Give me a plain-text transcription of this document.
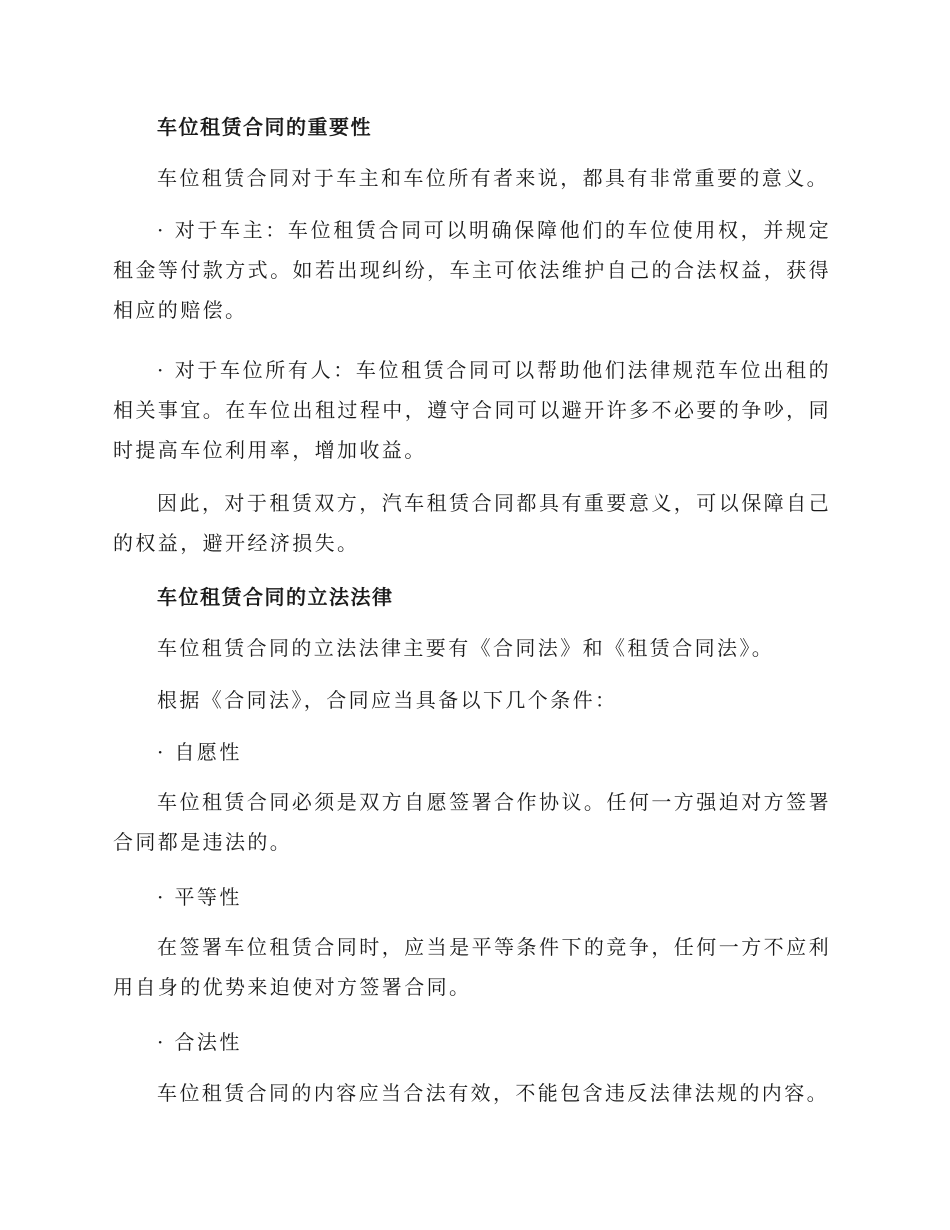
车位租赁合同的重要性

车位租赁合同对于车主和车位所有者来说，都具有非常重要的意义。

· 对于车主：车位租赁合同可以明确保障他们的车位使用权，并规定租金等付款方式。如若出现纠纷，车主可依法维护自己的合法权益，获得相应的赔偿。

· 对于车位所有人：车位租赁合同可以帮助他们法律规范车位出租的相关事宜。在车位出租过程中，遵守合同可以避开许多不必要的争吵，同时提高车位利用率，增加收益。

因此，对于租赁双方，汽车租赁合同都具有重要意义，可以保障自己的权益，避开经济损失。

车位租赁合同的立法法律

车位租赁合同的立法法律主要有《合同法》和《租赁合同法》。

根据《合同法》，合同应当具备以下几个条件：

· 自愿性

车位租赁合同必须是双方自愿签署合作协议。任何一方强迫对方签署合同都是违法的。

· 平等性

在签署车位租赁合同时，应当是平等条件下的竞争，任何一方不应利用自身的优势来迫使对方签署合同。

· 合法性

车位租赁合同的内容应当合法有效，不能包含违反法律法规的内容。
